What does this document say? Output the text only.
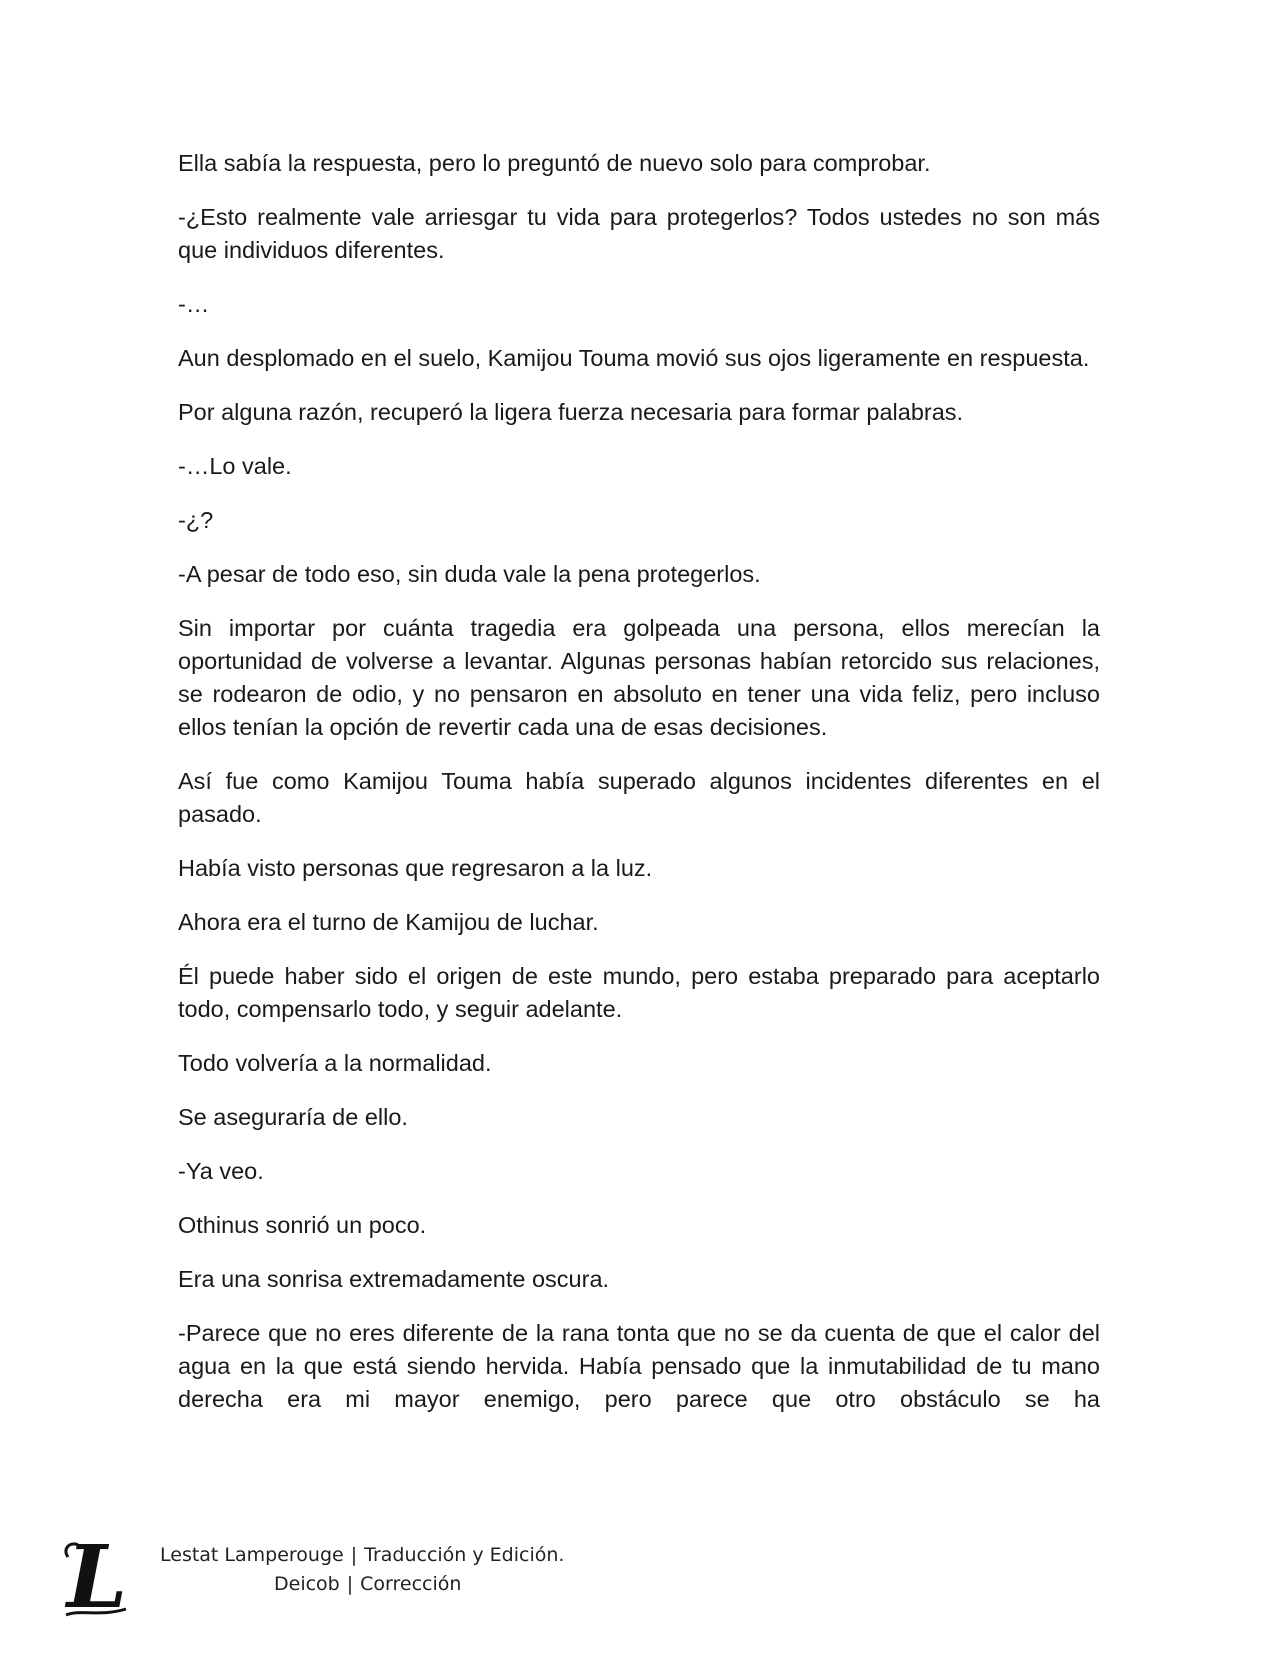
Ella sabía la respuesta, pero lo preguntó de nuevo solo para comprobar.

-¿Esto realmente vale arriesgar tu vida para protegerlos? Todos ustedes no son más que individuos diferentes.

-…

Aun desplomado en el suelo, Kamijou Touma movió sus ojos ligeramente en respuesta.

Por alguna razón, recuperó la ligera fuerza necesaria para formar palabras.

-…Lo vale.

-¿?

-A pesar de todo eso, sin duda vale la pena protegerlos.

Sin importar por cuánta tragedia era golpeada una persona, ellos merecían la oportunidad de volverse a levantar. Algunas personas habían retorcido sus relaciones, se rodearon de odio, y no pensaron en absoluto en tener una vida feliz, pero incluso ellos tenían la opción de revertir cada una de esas decisiones.

Así fue como Kamijou Touma había superado algunos incidentes diferentes en el pasado.

Había visto personas que regresaron a la luz.

Ahora era el turno de Kamijou de luchar.

Él puede haber sido el origen de este mundo, pero estaba preparado para aceptarlo todo, compensarlo todo, y seguir adelante.

Todo volvería a la normalidad.

Se aseguraría de ello.

-Ya veo.

Othinus sonrió un poco.

Era una sonrisa extremadamente oscura.

-Parece que no eres diferente de la rana tonta que no se da cuenta de que el calor del agua en la que está siendo hervida. Había pensado que la inmutabilidad de tu mano derecha era mi mayor enemigo, pero parece que otro obstáculo se ha

L Lestat Lamperouge | Traducción y Edición.
Deicob | Corrección
